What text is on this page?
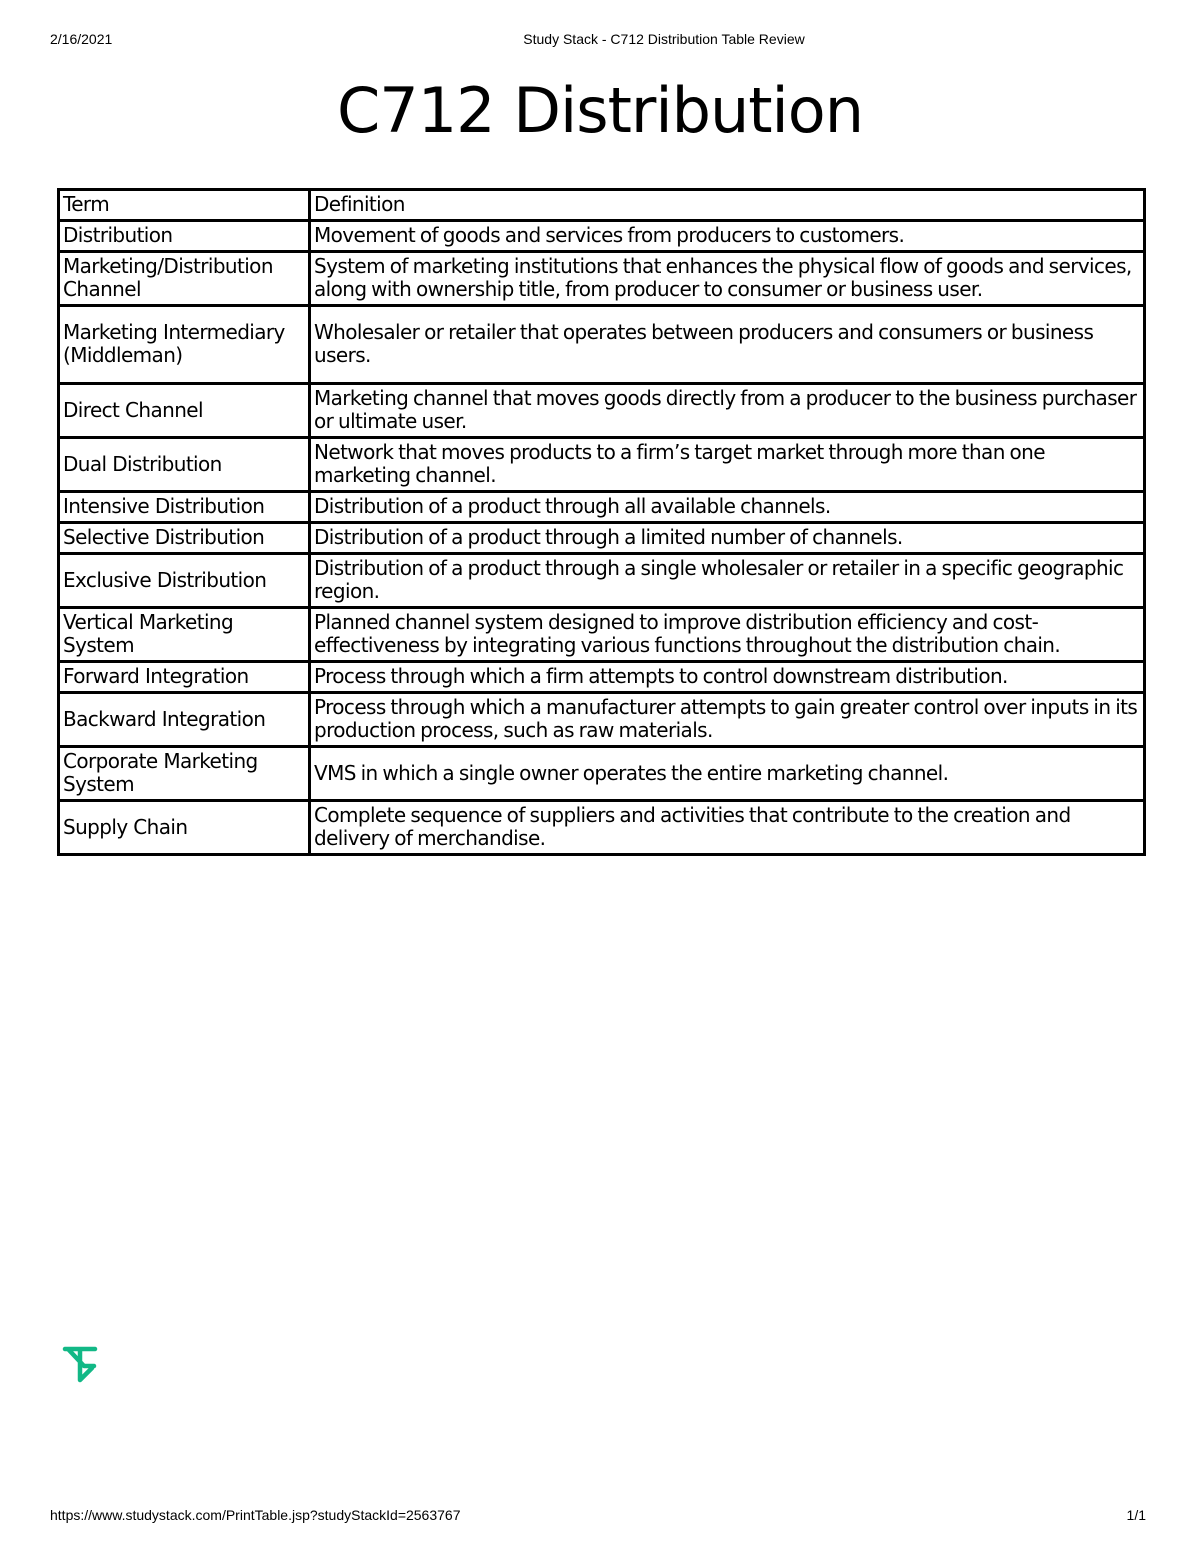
2/16/2021	Study Stack - C712 Distribution Table Review
C712 Distribution
Term	Definition
Distribution	Movement of goods and services from producers to customers.
Marketing/Distribution Channel	System of marketing institutions that enhances the physical flow of goods and services, along with ownership title, from producer to consumer or business user.
Marketing Intermediary (Middleman)	Wholesaler or retailer that operates between producers and consumers or business users.
Direct Channel	Marketing channel that moves goods directly from a producer to the business purchaser or ultimate user.
Dual Distribution	Network that moves products to a firm’s target market through more than one marketing channel.
Intensive Distribution	Distribution of a product through all available channels.
Selective Distribution	Distribution of a product through a limited number of channels.
Exclusive Distribution	Distribution of a product through a single wholesaler or retailer in a specific geographic region.
Vertical Marketing System	Planned channel system designed to improve distribution efficiency and cost-effectiveness by integrating various functions throughout the distribution chain.
Forward Integration	Process through which a firm attempts to control downstream distribution.
Backward Integration	Process through which a manufacturer attempts to gain greater control over inputs in its production process, such as raw materials.
Corporate Marketing System	VMS in which a single owner operates the entire marketing channel.
Supply Chain	Complete sequence of suppliers and activities that contribute to the creation and delivery of merchandise.
https://www.studystack.com/PrintTable.jsp?studyStackId=2563767	1/1
